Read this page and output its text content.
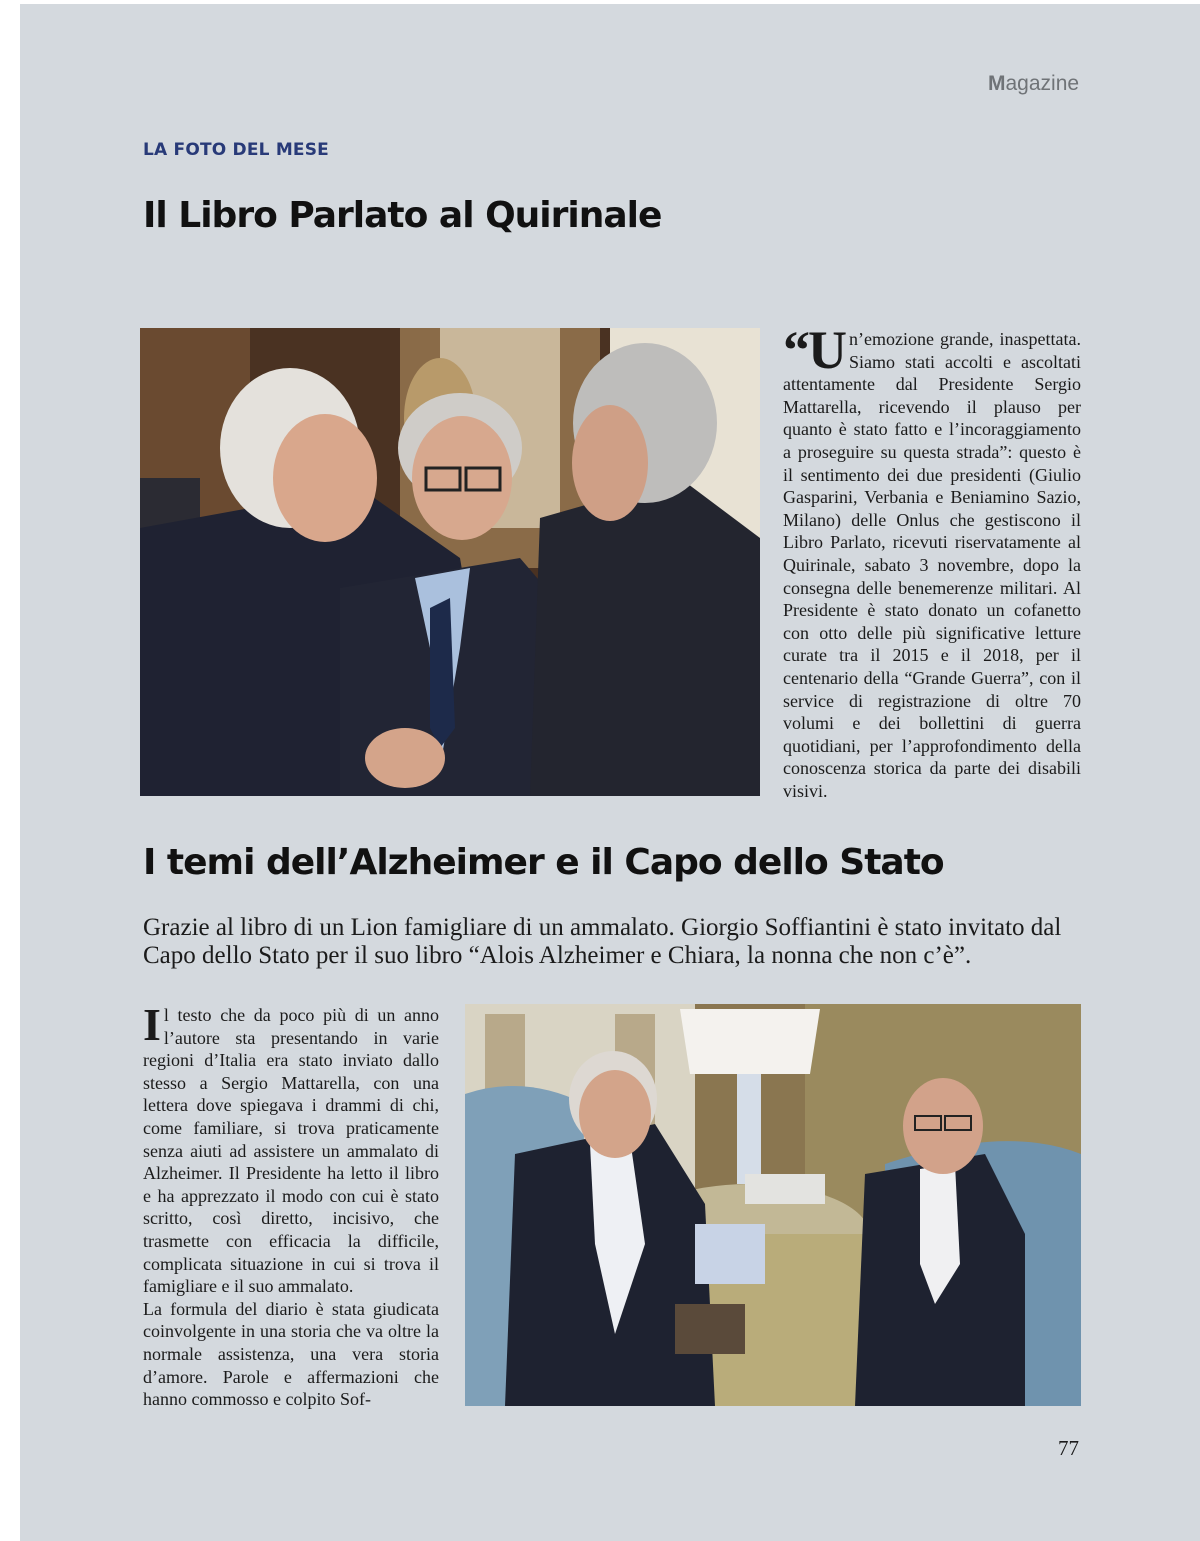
Magazine
LA FOTO DEL MESE
Il Libro Parlato al Quirinale
“Un’emozione grande, inaspettata. Siamo stati accolti e ascoltati attentamente dal Presidente Sergio Mattarella, ricevendo il plauso per quanto è stato fatto e l’incoraggiamento a proseguire su questa strada”: questo è il sentimento dei due presidenti (Giulio Gasparini, Verbania e Beniamino Sazio, Milano) delle Onlus che gestiscono il Libro Parlato, ricevuti riservatamente al Quirinale, sabato 3 novembre, dopo la consegna delle benemerenze militari. Al Presidente è stato donato un cofanetto con otto delle più significative letture curate tra il 2015 e il 2018, per il centenario della “Grande Guerra”, con il service di registrazione di oltre 70 volumi e dei bollettini di guerra quotidiani, per l’approfondimento della conoscenza storica da parte dei disabili visivi.
I temi dell’Alzheimer e il Capo dello Stato
Grazie al libro di un Lion famigliare di un ammalato. Giorgio Soffiantini è stato invitato dal Capo dello Stato per il suo libro “Alois Alzheimer e Chiara, la nonna che non c’è”.
Il testo che da poco più di un anno l’autore sta presentando in varie regioni d’Italia era stato inviato dallo stesso a Sergio Mattarella, con una lettera dove spiegava i drammi di chi, come familiare, si trova praticamente senza aiuti ad assistere un ammalato di Alzheimer. Il Presidente ha letto il libro e ha apprezzato il modo con cui è stato scritto, così diretto, incisivo, che trasmette con efficacia la difficile, complicata situazione in cui si trova il famigliare e il suo ammalato.
La formula del diario è stata giudicata coinvolgente in una storia che va oltre la normale assistenza, una vera storia d’amore. Parole e affermazioni che hanno commosso e colpito Sof-
77
